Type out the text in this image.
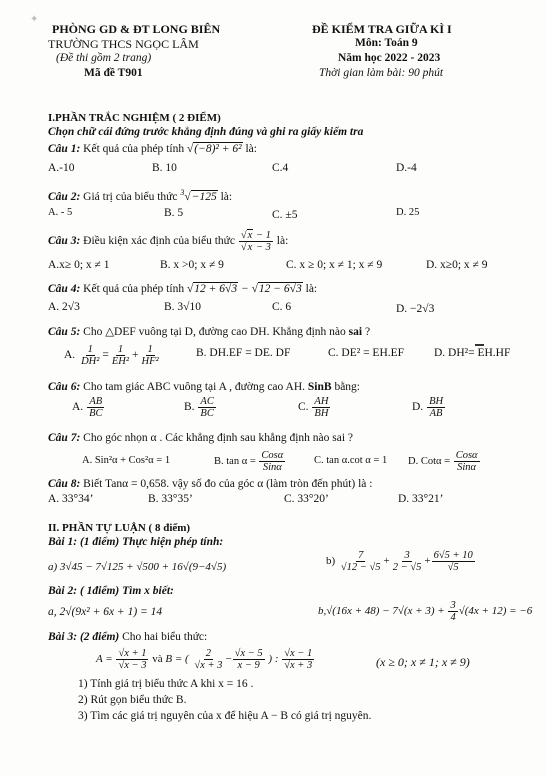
✦
PHÒNG GD & ĐT LONG BIÊN
TRƯỜNG THCS NGỌC LÂM
(Đề thi gồm 2 trang)
Mã đề T901
ĐỀ KIỂM TRA GIỮA KÌ I
Môn: Toán 9
Năm học 2022 - 2023
Thời gian làm bài: 90 phút
I.PHẦN TRẮC NGHIỆM ( 2 ĐIỂM)
Chọn chữ cái đứng trước khẳng định đúng và ghi ra giấy kiểm tra
Câu 1: Kết quả của phép tính √(−8)² + 6² là:
A.-10	B. 10	C.4	D.-4
Câu 2: Giá trị của biểu thức $^3$√−125 là:
A. - 5	B. 5	C. ±5	D. 25
Câu 3: Điều kiện xác định của biểu thức $\frac{√x - 1}{√x - 3}$ là:
A.x≥ 0; x ≠ 1	B. x >0; x ≠ 9	C. x ≥ 0; x ≠ 1; x ≠ 9	D. x≥0; x ≠ 9
Câu 4: Kết quả của phép tính √12 + 6√3 − √12 − 6√3 là:
A. 2√3	B. 3√10	C. 6	D. −2√3
Câu 5: Cho △DEF vuông tại D, đường cao DH. Khẳng định nào sai ?
A. $\frac{1}{\text{DH²}} = \frac{1}{\text{EH²}} + \frac{1}{\text{HF²}}$	B. DH.EF = DE. DF	C. DE² = EH.EF	D. DH²= EH.HF
Câu 6: Cho tam giác ABC vuông tại A , đường cao AH. SinB bằng:
A. $\frac{AB}{BC}$	B. $\frac{AC}{BC}$	C. $\frac{AH}{BH}$	D. $\frac{BH}{AB}$
Câu 7: Cho góc nhọn α . Các khẳng định sau khẳng định nào sai ?
A. Sin²α + Cos²α = 1	B. $\tan \alpha = \frac{\text{Cosα}}{\text{Sinα}}$	C. tan α.cot α = 1 D. $Cot\alpha = \frac{\text{Cosα}}{\text{Sinα}}$
Câu 8: Biết Tanα = 0,658. vậy số đo của góc α (làm tròn đến phút) là :
A. 33°34’	B. 33°35’	C. 33°20’	D. 33°21’
II. PHẦN TỰ LUẬN ( 8 điểm)
Bài 1: (1 điểm) Thực hiện phép tính:
a) 3√45 − 7√125 + √500 + 16√(9−4√5)	$b) \frac{7}{√12 - √5} + \frac{3}{2 - √5} + \frac{6√5 + 10}{√5}$
Bài 2: ( 1điểm) Tìm x biết:
a, 2√(9x² + 6x + 1) = 14	$b,√(16x + 48) - 7√(x + 3) + \frac{3}{4} √(4x + 12) = -6$
Bài 3: (2 điểm) Cho hai biểu thức:
$A = \frac{√x + 1}{√x - 3}$ và B = ( $\frac{2}{√x + 3} - \frac{√x - 5}{x - 9}$ ) : $\frac{√x - 1}{√x + 3}$	(x ≥ 0; x ≠ 1; x ≠ 9)
1) Tính giá trị biểu thức A khi x = 16 .
2) Rút gọn biểu thức B.
3) Tìm các giá trị nguyên của x để hiệu A − B có giá trị nguyên.
